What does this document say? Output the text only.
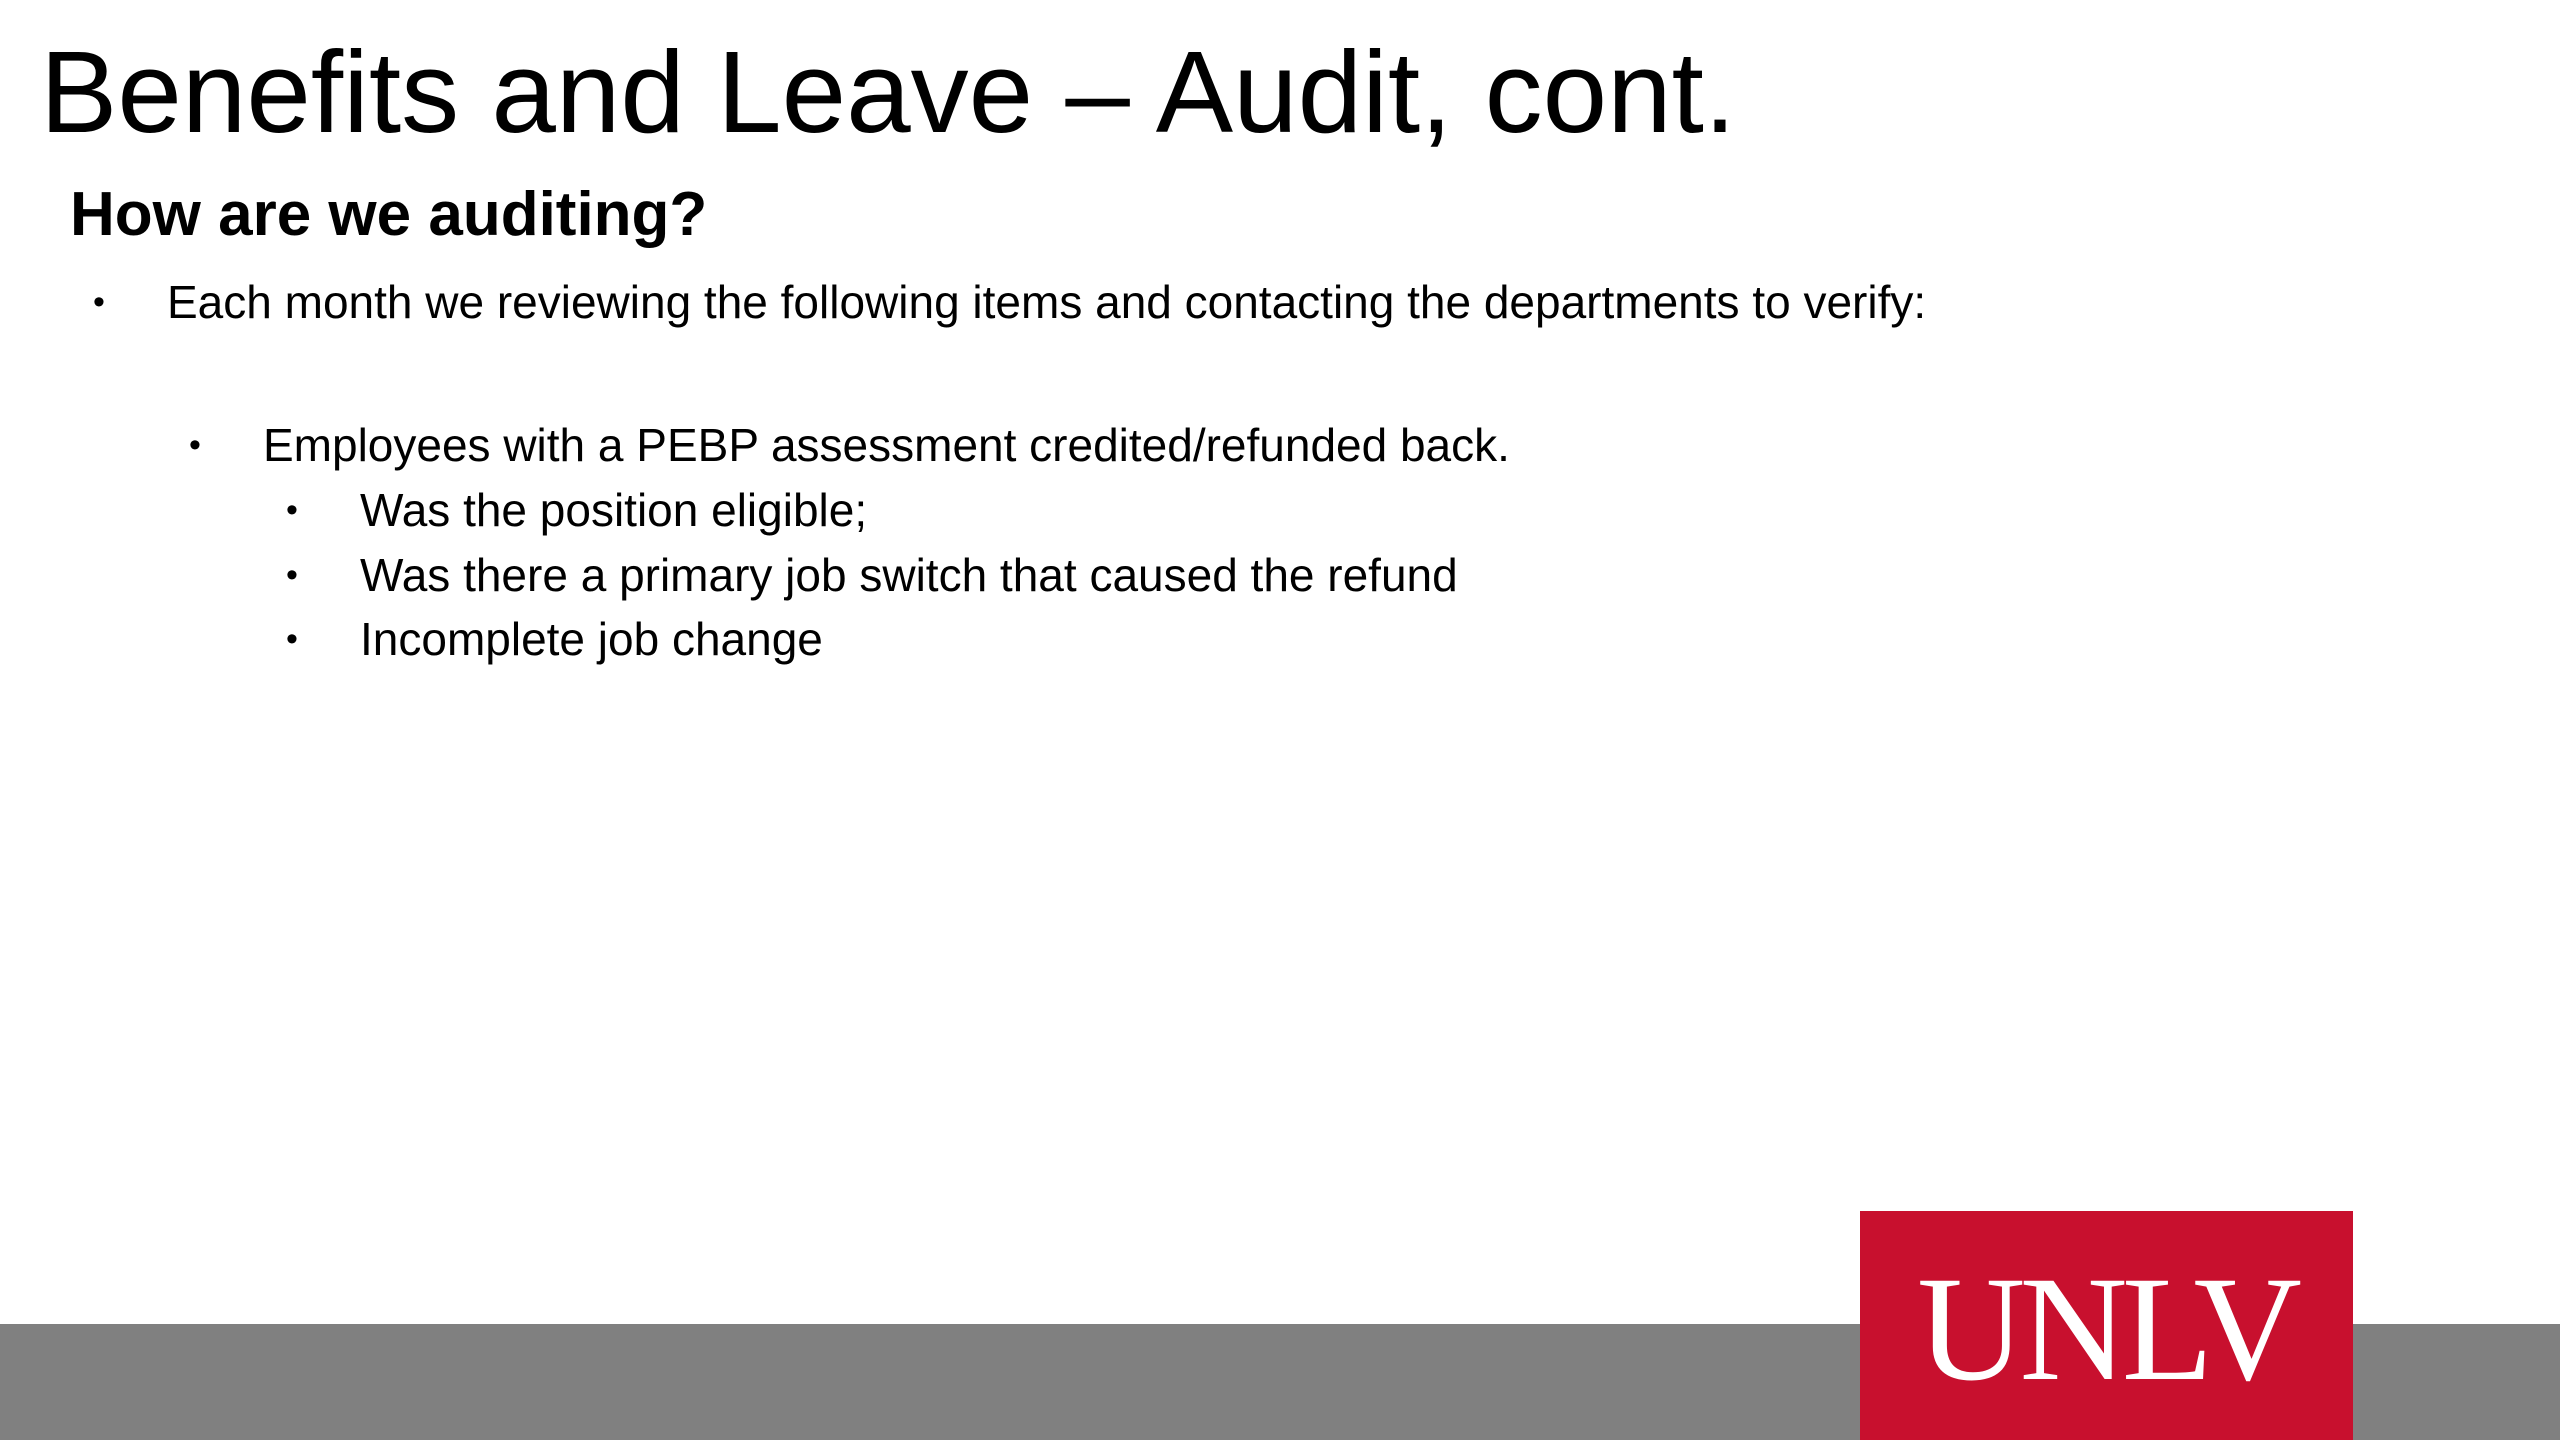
Benefits and Leave – Audit, cont.
How are we auditing?
• Each month we reviewing the following items and contacting the departments to verify:
• Employees with a PEBP assessment credited/refunded back.
• Was the position eligible;
• Was there a primary job switch that caused the refund
• Incomplete job change
UNLV
